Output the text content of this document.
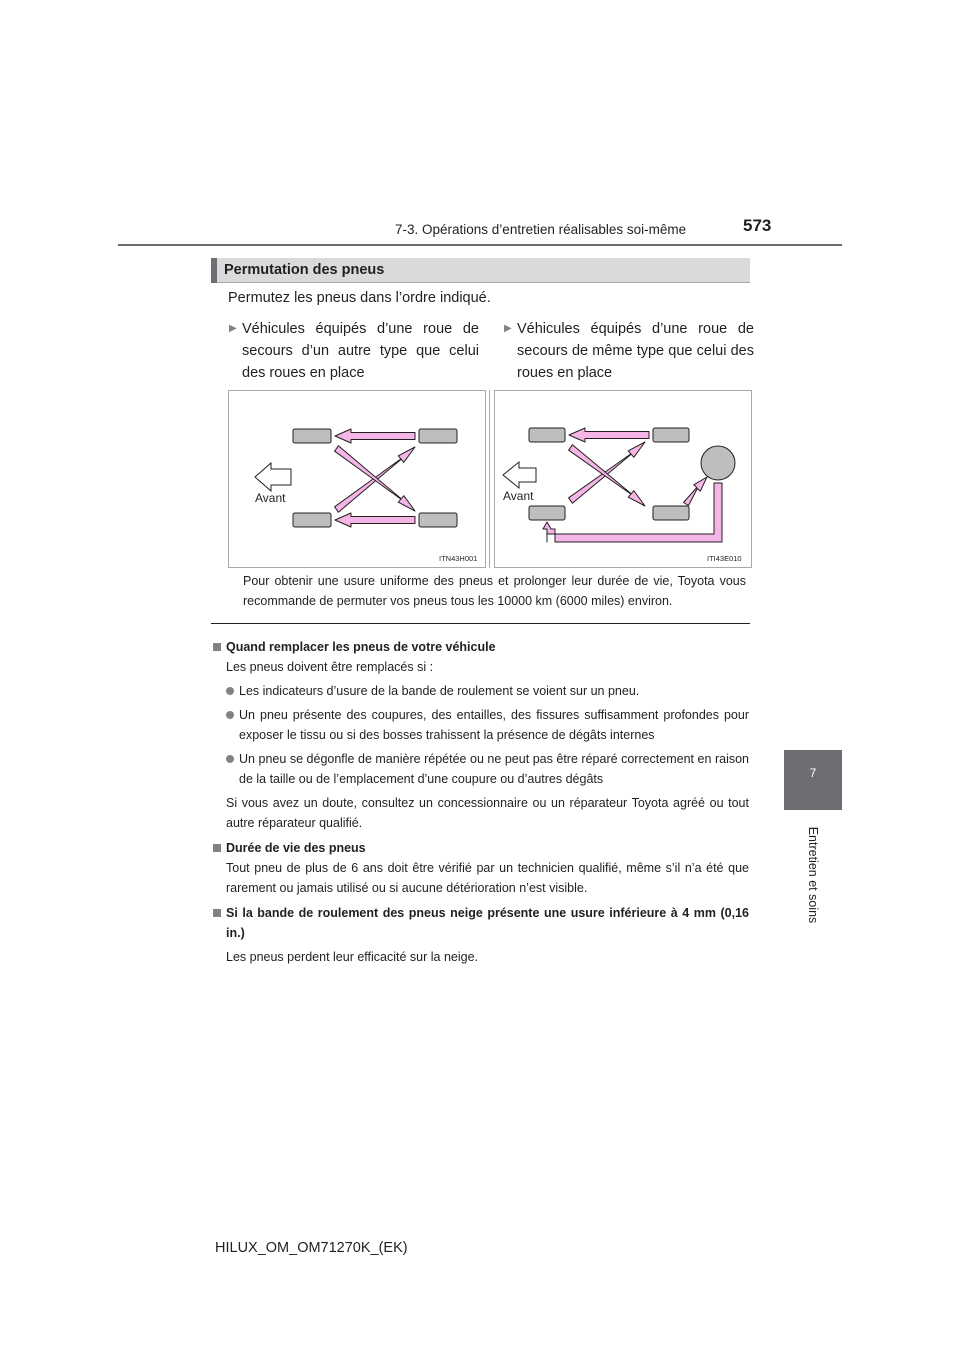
7-3. Opérations d’entretien réalisables soi-même	573
7
Entretien et soins
Permutation des pneus
Permutez les pneus dans l’ordre indiqué.
▶ Véhicules équipés d’une roue de secours d’un autre type que celui des roues en place
▶ Véhicules équipés d’une roue de secours de même type que celui des roues en place
Avant
ITN43H001
Avant
ITI43E010
Pour obtenir une usure uniforme des pneus et prolonger leur durée de vie, Toyota vous recommande de permuter vos pneus tous les 10000 km (6000 miles) environ.
Quand remplacer les pneus de votre véhicule
Les pneus doivent être remplacés si :
Les indicateurs d’usure de la bande de roulement se voient sur un pneu.
Un pneu présente des coupures, des entailles, des fissures suffisamment profondes pour exposer le tissu ou si des bosses trahissent la présence de dégâts internes
Un pneu se dégonfle de manière répétée ou ne peut pas être réparé correctement en raison de la taille ou de l’emplacement d’une coupure ou d’autres dégâts
Si vous avez un doute, consultez un concessionnaire ou un réparateur Toyota agréé ou tout autre réparateur qualifié.
Durée de vie des pneus
Tout pneu de plus de 6 ans doit être vérifié par un technicien qualifié, même s’il n’a été que rarement ou jamais utilisé ou si aucune détérioration n’est visible.
Si la bande de roulement des pneus neige présente une usure inférieure à 4 mm (0,16 in.)
Les pneus perdent leur efficacité sur la neige.
HILUX_OM_OM71270K_(EK)
